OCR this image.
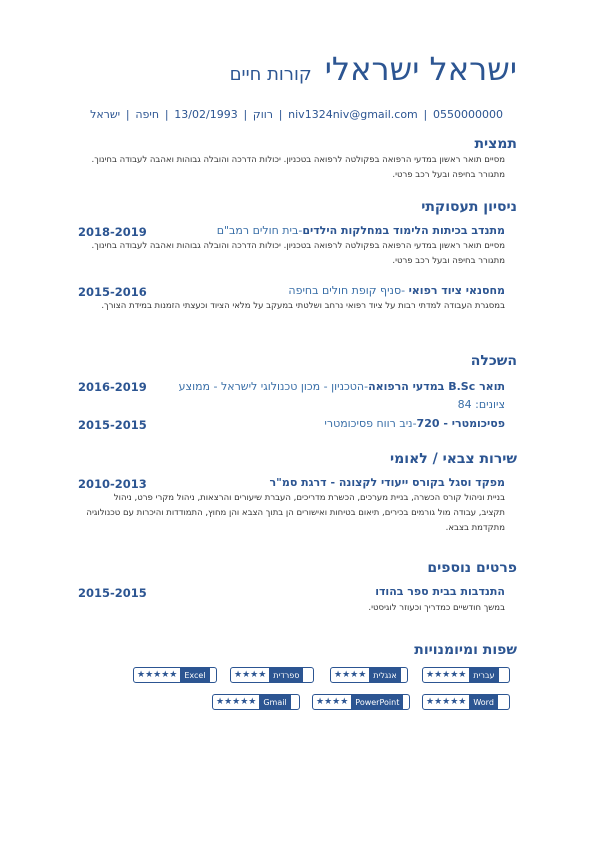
ישראל ישראלי קורות חיים
0550000000
|
niv1324niv@gmail.com
|
רווק
|
13/02/1993
|
חיפה
|
ישראל
תמצית
מסיים תואר ראשון במדעי הרפואה בפקולטה לרפואה בטכניון. יכולות הדרכה והובלה גבוהות ואהבה לעבודה בחינוך. מתגורר בחיפה ובעל רכב פרטי.
ניסיון תעסוקתי
מתנדב בכיתות הלימוד במחלקות הילדים-בית חולים רמב"ם
2018-2019
מסיים תואר ראשון במדעי הרפואה בפקולטה לרפואה בטכניון. יכולות הדרכה והובלה גבוהות ואהבה לעבודה בחינוך. מתגורר בחיפה ובעל רכב פרטי.
מחסנאי ציוד רפואי -סניף קופת חולים בחיפה
2015-2016
במסגרת העבודה למדתי רבות על ציוד רפואי נרחב ושלטתי במעקב על מלאי הציוד וכעצתי הזמנות במידת הצורך.
השכלה
תואר B.Sc במדעי הרפואה-הטכניון - מכון טכנולוגי לישראל - ממוצע ציונים: 84
2016-2019
פסיכומטרי - 720-ניב רווח פסיכומטרי
2015-2015
שירות צבאי / לאומי
מפקד וסגל בקורס ייעודי לקצונה - דרגת סמ"ר
2010-2013
בניית וניהול קורס הכשרה, בניית מערכים, הכשרת מדריכים, העברת שיעורים והרצאות, ניהול מקרי פרט, ניהול תקציב, עבודה מול גורמים בכירים, תיאום בטיחות ואישורים הן בתוך הצבא והן מחוץ, התמודדות והיכרות עם טכנולוגיה מתקדמת בצבא.
פרטים נוספים
התנדבות בבית ספר בהודו
2015-2015
במשך חודשיים כמדריך וכעוזר לוגיסטי.
שפות ומיומנויות
★★★★★ עברית
★★★★ אנגלית
★★★★ ספרדית
★★★★★ Excel
★★★★★ Word
★★★★ PowerPoint
★★★★★ Gmail
